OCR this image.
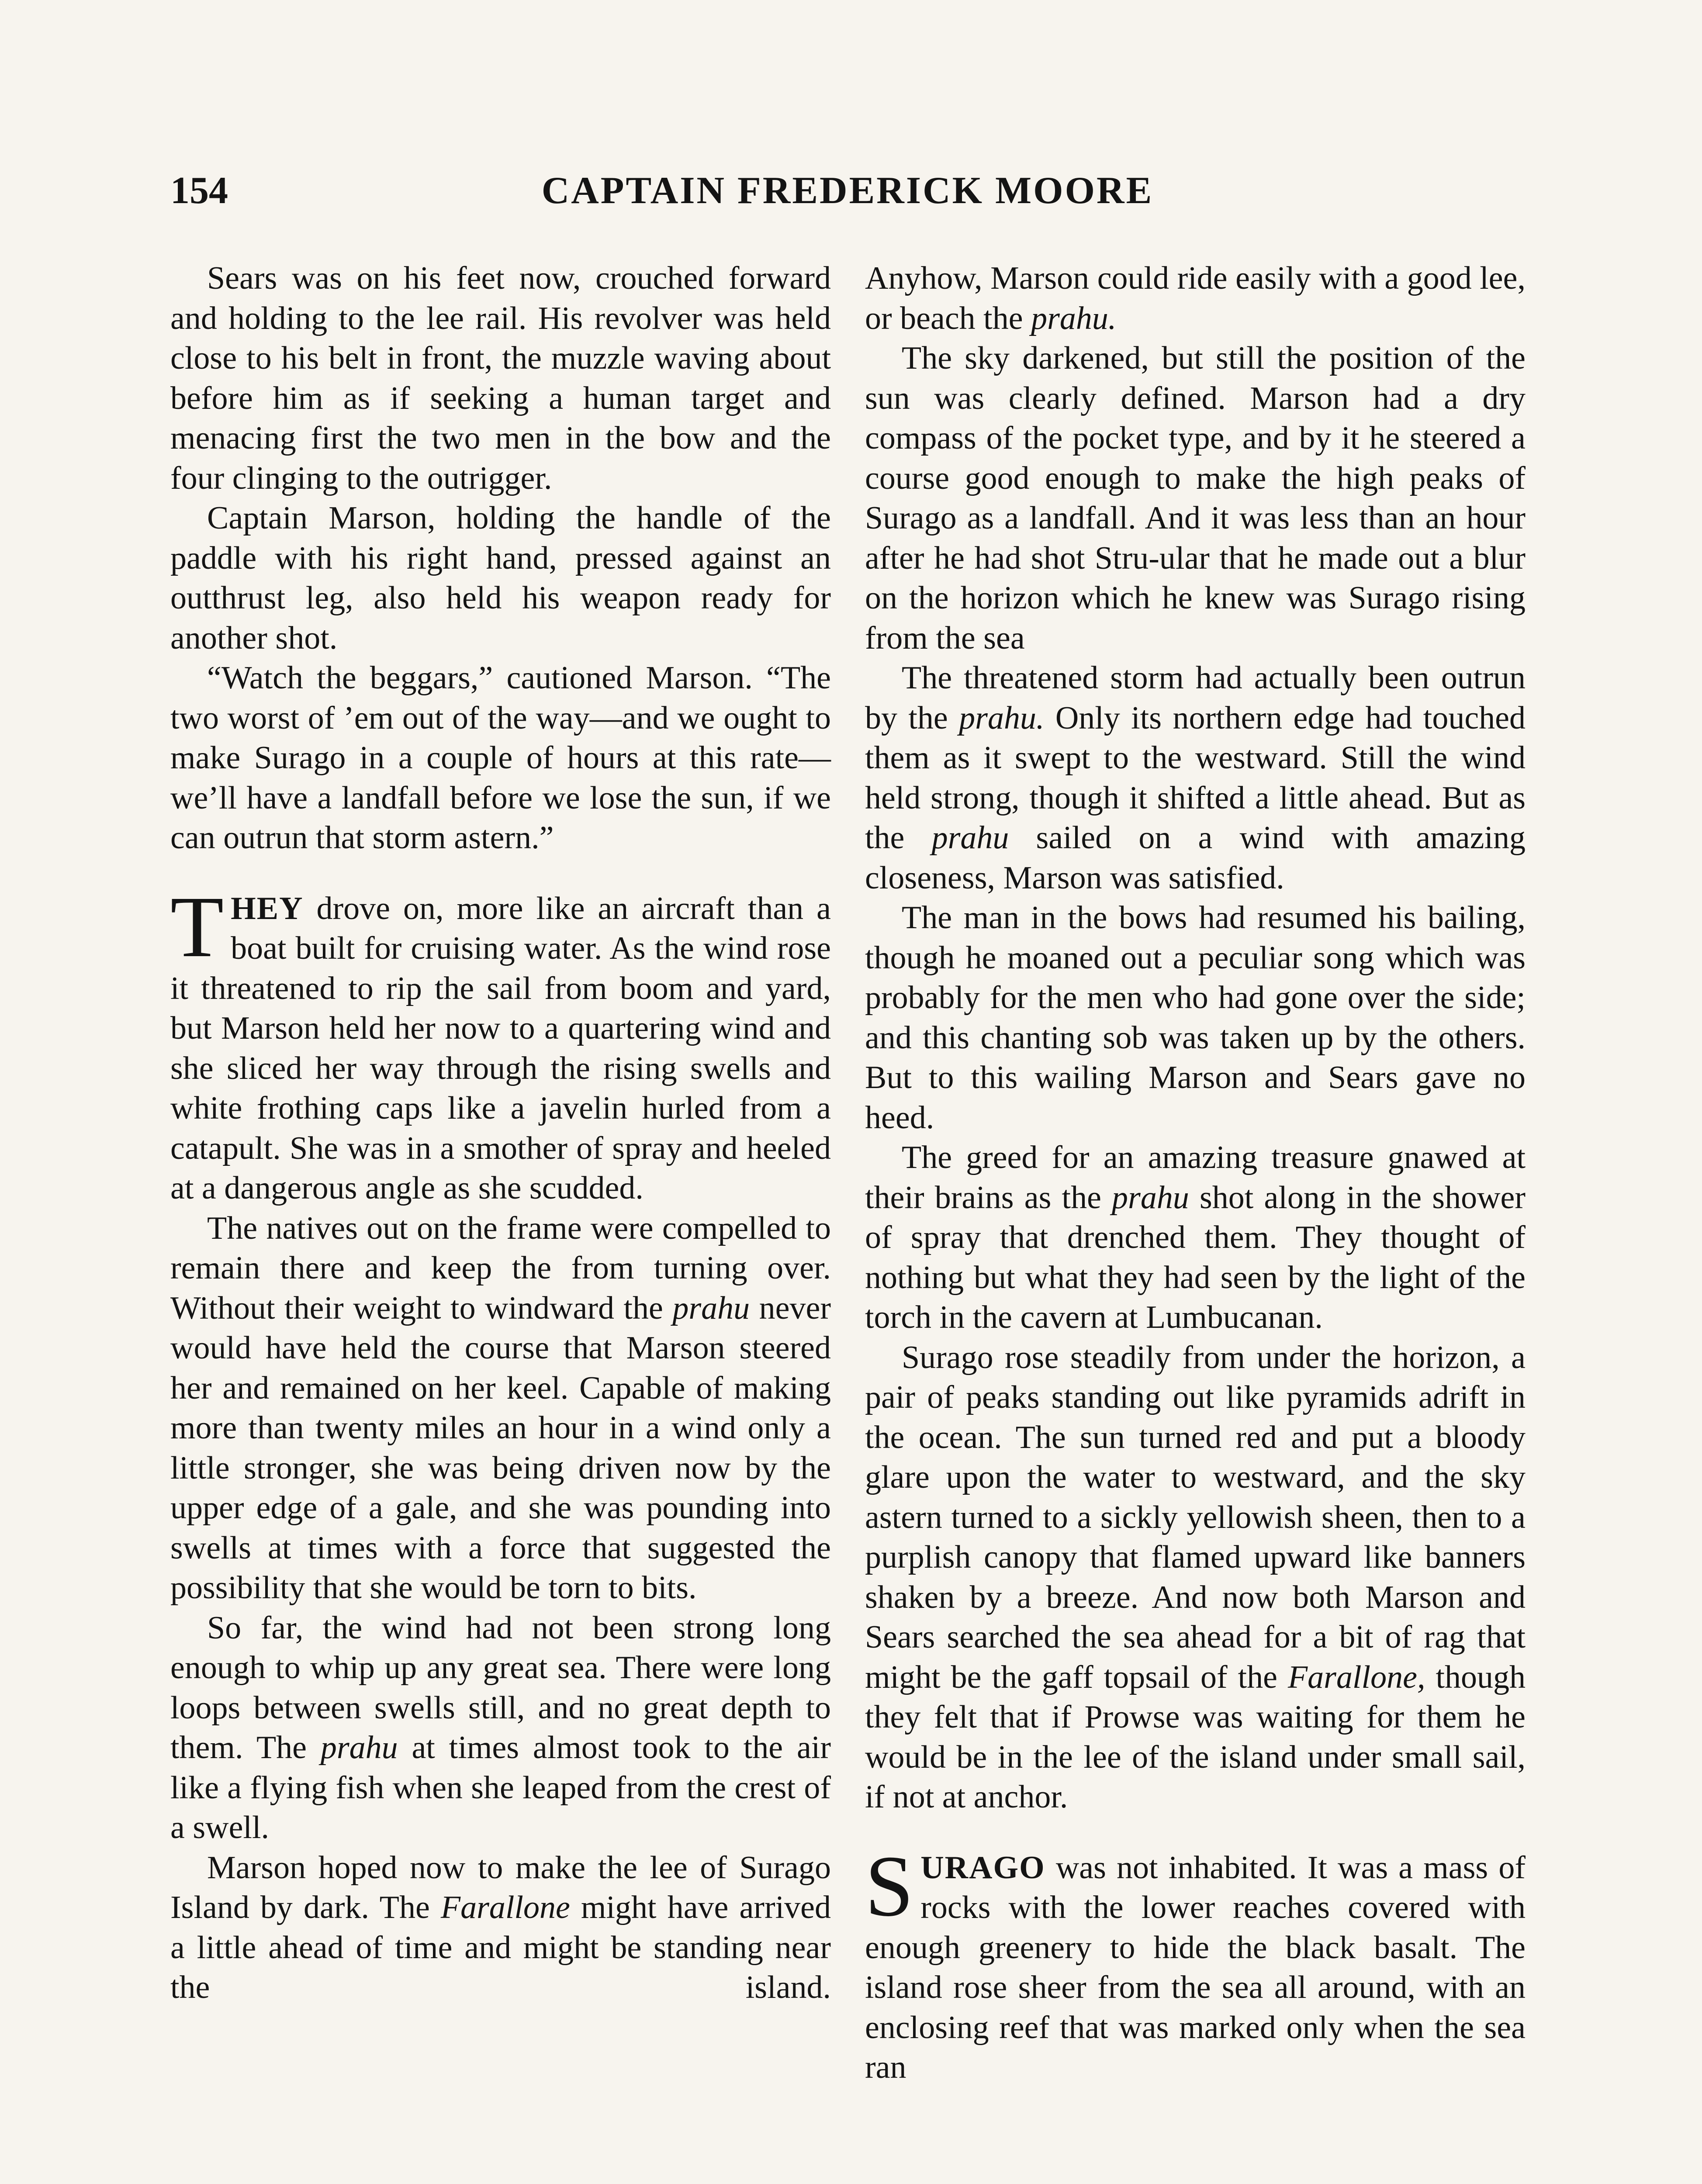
154	CAPTAIN FREDERICK MOORE

Sears was on his feet now, crouched forward and holding to the lee rail. His revolver was held close to his belt in front, the muzzle waving about before him as if seeking a human target and menacing first the two men in the bow and the four clinging to the outrigger.

Captain Marson, holding the handle of the paddle with his right hand, pressed against an outthrust leg, also held his weapon ready for another shot.

“Watch the beggars,” cautioned Marson. “The two worst of ’em out of the way—and we ought to make Surago in a couple of hours at this rate—we’ll have a landfall before we lose the sun, if we can outrun that storm astern.”

THEY drove on, more like an aircraft than a boat built for cruising water. As the wind rose it threatened to rip the sail from boom and yard, but Marson held her now to a quartering wind and she sliced her way through the rising swells and white frothing caps like a javelin hurled from a catapult. She was in a smother of spray and heeled at a dangerous angle as she scudded.

The natives out on the frame were compelled to remain there and keep the from turning over. Without their weight to windward the prahu never would have held the course that Marson steered her and remained on her keel. Capable of making more than twenty miles an hour in a wind only a little stronger, she was being driven now by the upper edge of a gale, and she was pounding into swells at times with a force that suggested the possibility that she would be torn to bits.

So far, the wind had not been strong long enough to whip up any great sea. There were long loops between swells still, and no great depth to them. The prahu at times almost took to the air like a flying fish when she leaped from the crest of a swell.

Marson hoped now to make the lee of Surago Island by dark. The Farallone might have arrived a little ahead of time and might be standing near the island.

Anyhow, Marson could ride easily with a good lee, or beach the prahu.

The sky darkened, but still the position of the sun was clearly defined. Marson had a dry compass of the pocket type, and by it he steered a course good enough to make the high peaks of Surago as a landfall. And it was less than an hour after he had shot Stru-ular that he made out a blur on the horizon which he knew was Surago rising from the sea

The threatened storm had actually been outrun by the prahu. Only its northern edge had touched them as it swept to the westward. Still the wind held strong, though it shifted a little ahead. But as the prahu sailed on a wind with amazing closeness, Marson was satisfied.

The man in the bows had resumed his bailing, though he moaned out a peculiar song which was probably for the men who had gone over the side; and this chanting sob was taken up by the others. But to this wailing Marson and Sears gave no heed.

The greed for an amazing treasure gnawed at their brains as the prahu shot along in the shower of spray that drenched them. They thought of nothing but what they had seen by the light of the torch in the cavern at Lumbucanan.

Surago rose steadily from under the horizon, a pair of peaks standing out like pyramids adrift in the ocean. The sun turned red and put a bloody glare upon the water to westward, and the sky astern turned to a sickly yellowish sheen, then to a purplish canopy that flamed upward like banners shaken by a breeze. And now both Marson and Sears searched the sea ahead for a bit of rag that might be the gaff topsail of the Farallone, though they felt that if Prowse was waiting for them he would be in the lee of the island under small sail, if not at anchor.

SURAGO was not inhabited. It was a mass of rocks with the lower reaches covered with enough greenery to hide the black basalt. The island rose sheer from the sea all around, with an enclosing reef that was marked only when the sea ran
